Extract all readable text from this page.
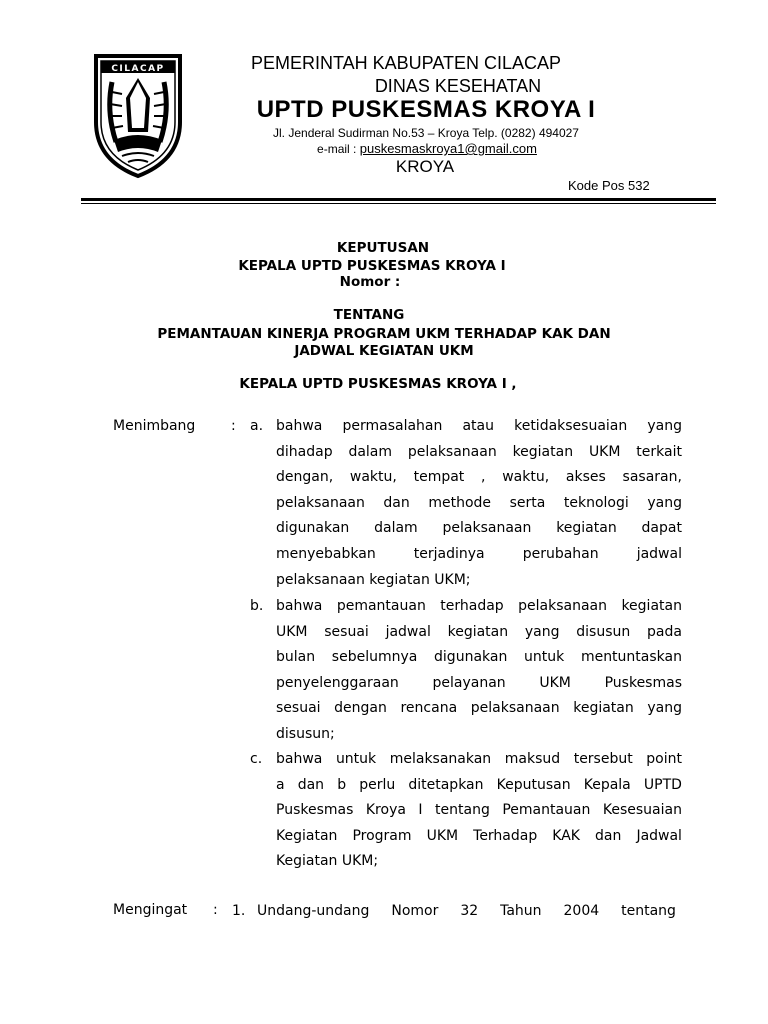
CILACAP	PEMERINTAH KABUPATEN CILACAP
DINAS KESEHATAN
UPTD PUSKESMAS KROYA I
Jl. Jenderal Sudirman No.53 – Kroya Telp. (0282) 494027
e-mail : puskesmaskroya1@gmail.com
KROYA
Kode Pos 532
KEPUTUSAN
KEPALA UPTD PUSKESMAS KROYA I
Nomor :
TENTANG
PEMANTAUAN KINERJA PROGRAM UKM TERHADAP KAK DAN
JADWAL KEGIATAN UKM
KEPALA UPTD PUSKESMAS KROYA I ,
Menimbang	: a. bahwa permasalahan atau ketidaksesuaian yang
dihadap dalam pelaksanaan kegiatan UKM terkait
dengan, waktu, tempat , waktu, akses sasaran,
pelaksanaan dan methode serta teknologi yang
digunakan dalam pelaksanaan kegiatan dapat
menyebabkan	terjadinya	perubahan	jadwal
pelaksanaan kegiatan UKM;
b. bahwa pemantauan terhadap pelaksanaan kegiatan
UKM sesuai jadwal kegiatan yang disusun pada
bulan sebelumnya digunakan untuk mentuntaskan
penyelenggaraan pelayanan UKM Puskesmas
sesuai dengan rencana pelaksanaan kegiatan yang
disusun;
c. bahwa untuk melaksanakan maksud tersebut point
a dan b perlu ditetapkan Keputusan Kepala UPTD
Puskesmas Kroya I tentang Pemantauan Kesesuaian
Kegiatan Program UKM Terhadap KAK dan Jadwal
Kegiatan UKM;
Mengingat : 1. Undang-undang Nomor 32 Tahun 2004 tentang
